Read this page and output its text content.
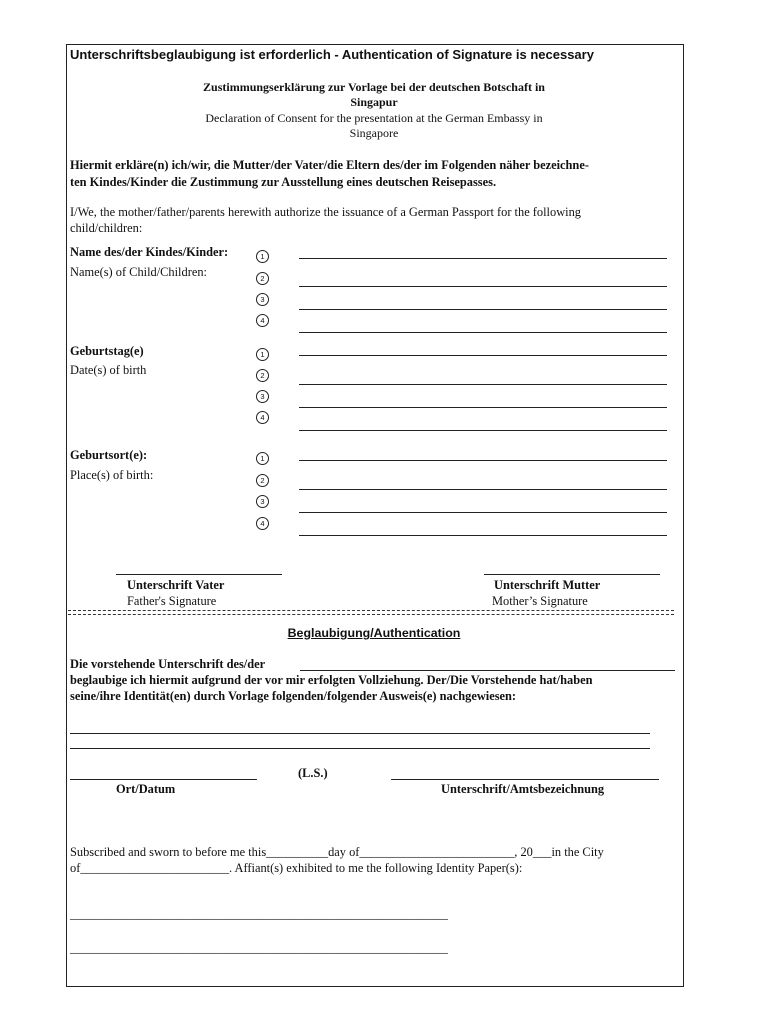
Unterschriftsbeglaubigung ist erforderlich - Authentication of Signature is necessary
Zustimmungserklärung zur Vorlage bei der deutschen Botschaft in
Singapur
Declaration of Consent for the presentation at the German Embassy in
Singapore
Hiermit erkläre(n) ich/wir, die Mutter/der Vater/die Eltern des/der im Folgenden näher bezeichne-
ten Kindes/Kinder die Zustimmung zur Ausstellung eines deutschen Reisepasses.
I/We, the mother/father/parents herewith authorize the issuance of a German Passport for the following
child/children:
Name des/der Kindes/Kinder:
Name(s) of Child/Children:
1
2
3
4
Geburtstag(e)
Date(s) of birth
1
2
3
4
Geburtsort(e):
Place(s) of birth:
1
2
3
4
Unterschrift Vater
Father's Signature
Unterschrift Mutter
Mother’s Signature
Beglaubigung/Authentication
Die vorstehende Unterschrift des/der
beglaubige ich hiermit aufgrund der vor mir erfolgten Vollziehung. Der/Die Vorstehende hat/haben
seine/ihre Identität(en) durch Vorlage folgenden/folgender Ausweis(e) nachgewiesen:
(L.S.)
Ort/Datum	Unterschrift/Amtsbezeichnung
Subscribed and sworn to before me this__________day of_________________________, 20___in the City
of________________________. Affiant(s) exhibited to me the following Identity Paper(s):
_____________________________________________________________
_____________________________________________________________
